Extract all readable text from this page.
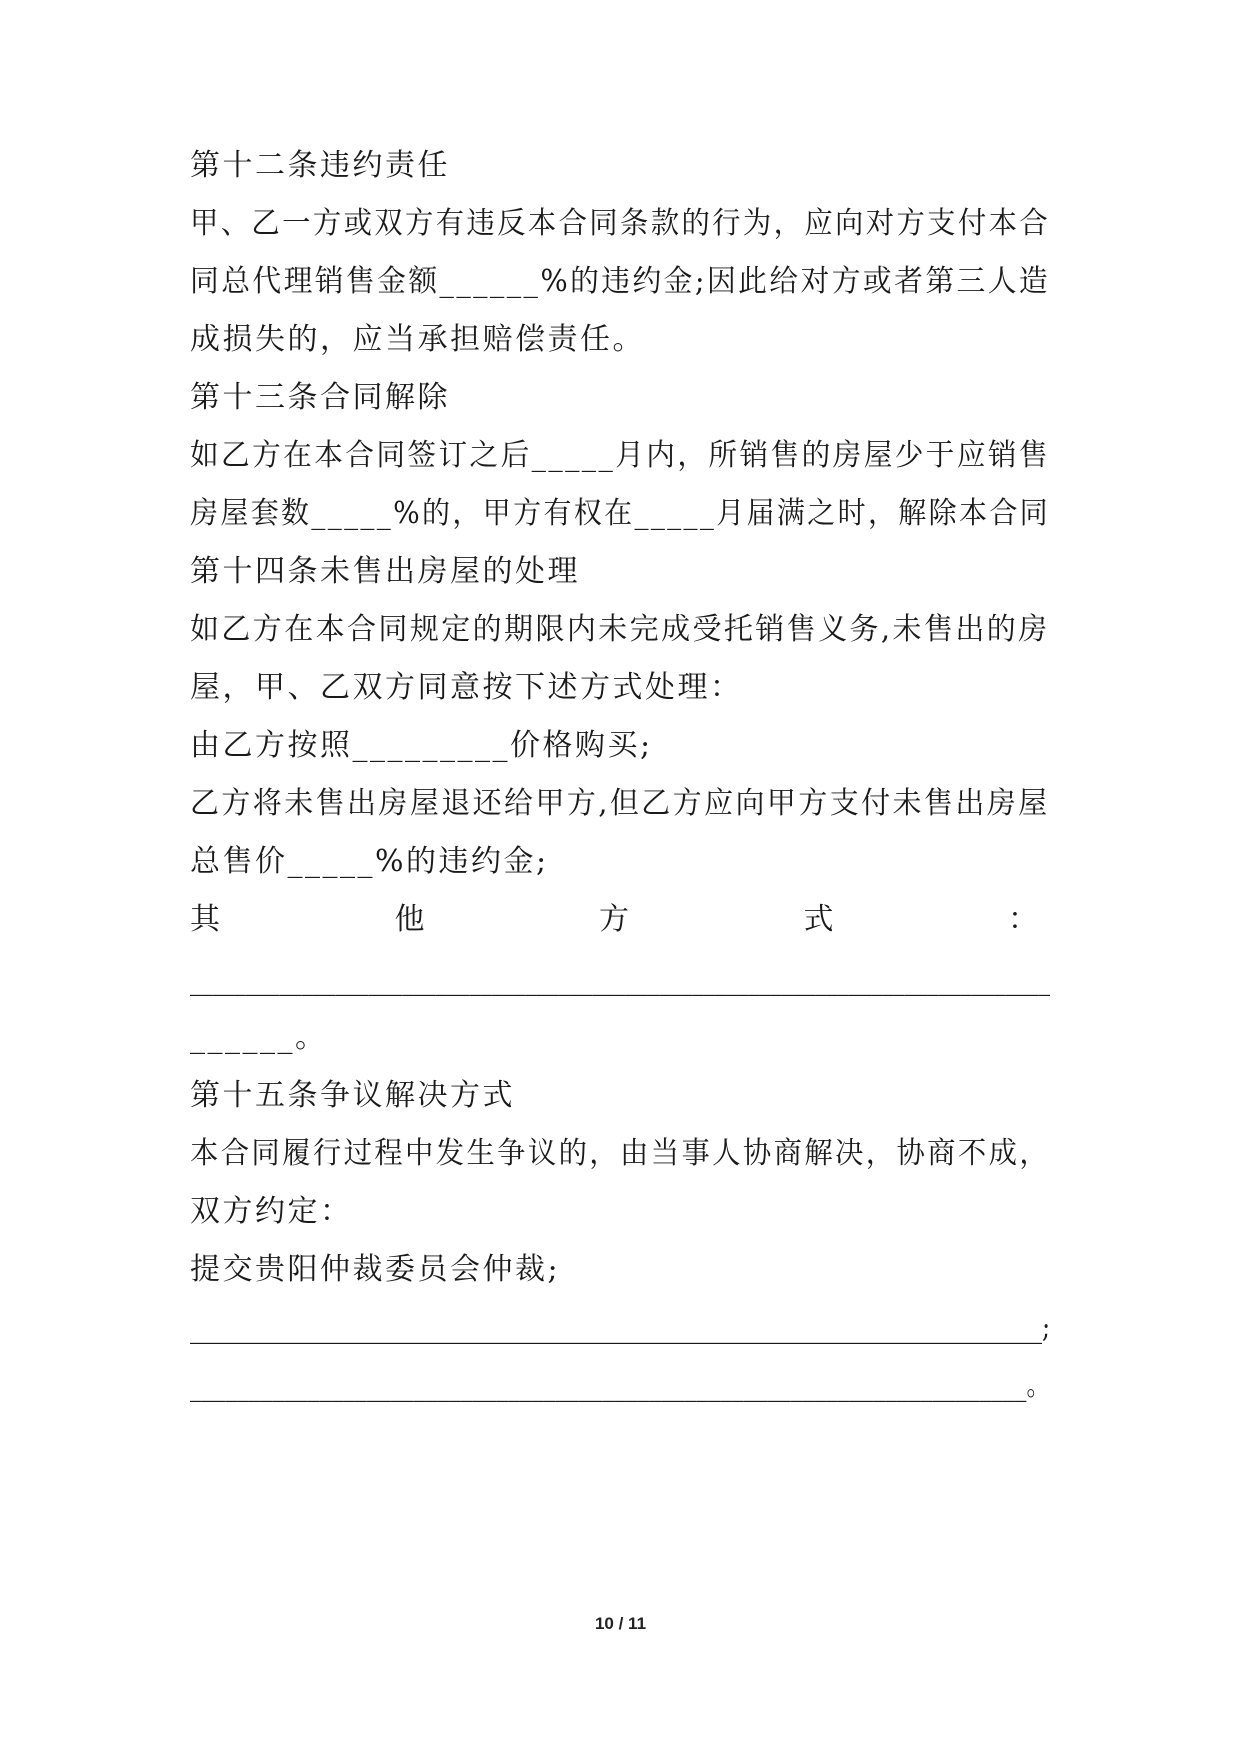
第十二条违约责任
甲、乙一方或双方有违反本合同条款的行为，应向对方支付本合
同总代理销售金额______%的违约金;因此给对方或者第三人造
成损失的，应当承担赔偿责任。
第十三条合同解除
如乙方在本合同签订之后_____月内，所销售的房屋少于应销售
房屋套数_____%的，甲方有权在_____月届满之时，解除本合同
第十四条未售出房屋的处理
如乙方在本合同规定的期限内未完成受托销售义务,未售出的房
屋，甲、乙双方同意按下述方式处理：
由乙方按照_________价格购买;
乙方将未售出房屋退还给甲方,但乙方应向甲方支付未售出房屋
总售价_____%的违约金;
其	他	方	式	：
_____________________________________________________________________________
______。
第十五条争议解决方式
本合同履行过程中发生争议的，由当事人协商解决，协商不成，
双方约定：
提交贵阳仲裁委员会仲裁;
_______________________________________________________________________;
_______________________________________________________________________。
10 / 11
